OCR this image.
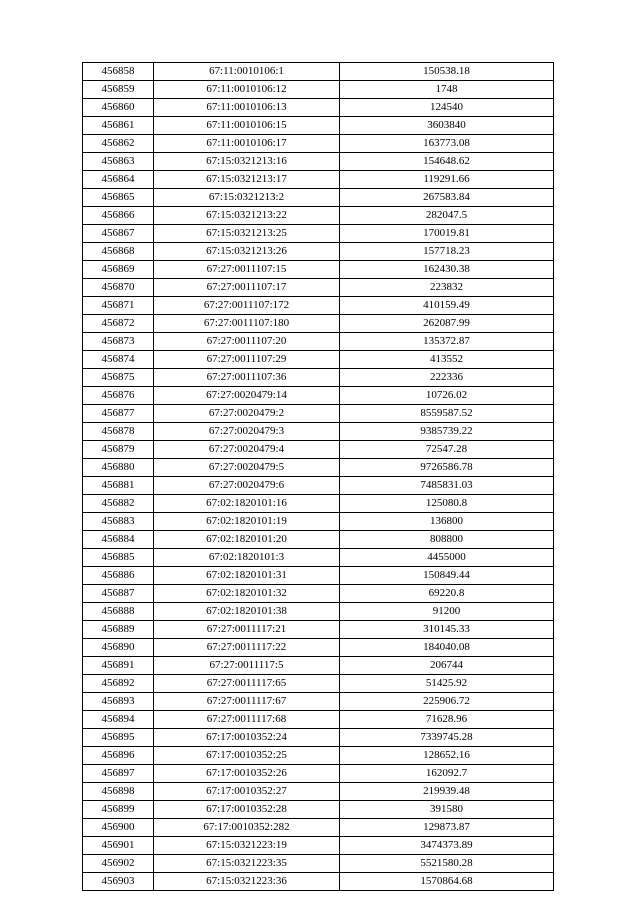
456858	67:11:0010106:1	150538.18
456859	67:11:0010106:12	1748
456860	67:11:0010106:13	124540
456861	67:11:0010106:15	3603840
456862	67:11:0010106:17	163773.08
456863	67:15:0321213:16	154648.62
456864	67:15:0321213:17	119291.66
456865	67:15:0321213:2	267583.84
456866	67:15:0321213:22	282047.5
456867	67:15:0321213:25	170019.81
456868	67:15:0321213:26	157718.23
456869	67:27:0011107:15	162430.38
456870	67:27:0011107:17	223832
456871	67:27:0011107:172	410159.49
456872	67:27:0011107:180	262087.99
456873	67:27:0011107:20	135372.87
456874	67:27:0011107:29	413552
456875	67:27:0011107:36	222336
456876	67:27:0020479:14	10726.02
456877	67:27:0020479:2	8559587.52
456878	67:27:0020479:3	9385739.22
456879	67:27:0020479:4	72547.28
456880	67:27:0020479:5	9726586.78
456881	67:27:0020479:6	7485831.03
456882	67:02:1820101:16	125080.8
456883	67:02:1820101:19	136800
456884	67:02:1820101:20	808800
456885	67:02:1820101:3	4455000
456886	67:02:1820101:31	150849.44
456887	67:02:1820101:32	69220.8
456888	67:02:1820101:38	91200
456889	67:27:0011117:21	310145.33
456890	67:27:0011117:22	184040.08
456891	67:27:0011117:5	206744
456892	67:27:0011117:65	51425.92
456893	67:27:0011117:67	225906.72
456894	67:27:0011117:68	71628.96
456895	67:17:0010352:24	7339745.28
456896	67:17:0010352:25	128652.16
456897	67:17:0010352:26	162092.7
456898	67:17:0010352:27	219939.48
456899	67:17:0010352:28	391580
456900	67:17:0010352:282	129873.87
456901	67:15:0321223:19	3474373.89
456902	67:15:0321223:35	5521580.28
456903	67:15:0321223:36	1570864.68
